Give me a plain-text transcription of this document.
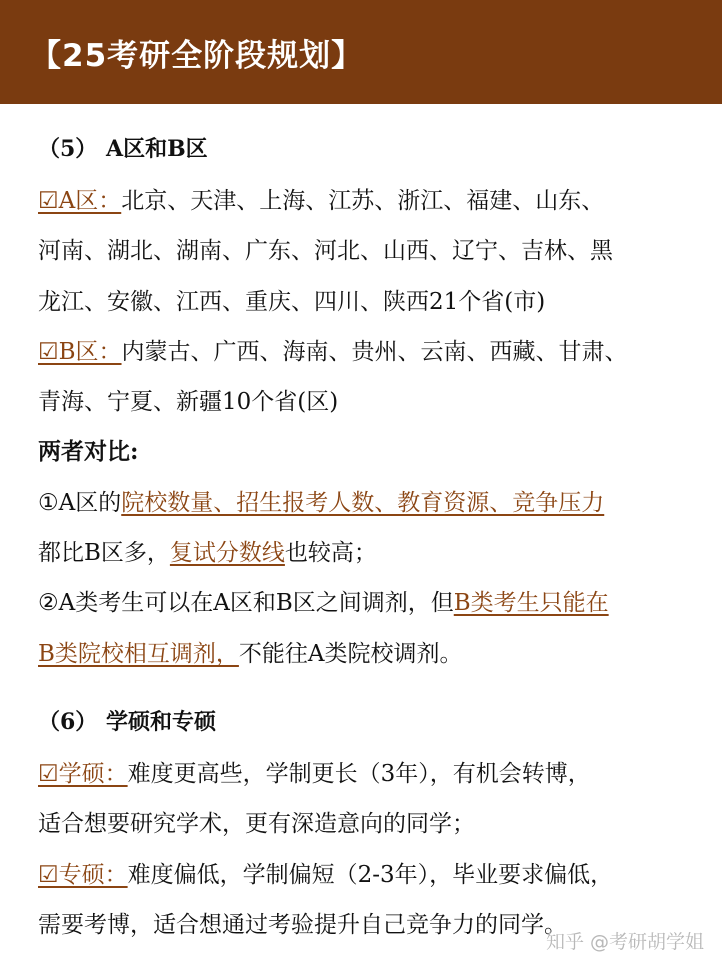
【25考研全阶段规划】
（5） A区和B区
☑A区：北京、天津、上海、江苏、浙江、福建、山东、
河南、湖北、湖南、广东、河北、山西、辽宁、吉林、黑
龙江、安徽、江西、重庆、四川、陕西21个省(市)
☑B区：内蒙古、广西、海南、贵州、云南、西藏、甘肃、
青海、宁夏、新疆10个省(区)
两者对比:
①A区的院校数量、招生报考人数、教育资源、竞争压力
都比B区多，复试分数线也较高；
②A类考生可以在A区和B区之间调剂，但B类考生只能在
B类院校相互调剂，不能往A类院校调剂。
（6） 学硕和专硕
☑学硕：难度更高些，学制更长（3年），有机会转博，
适合想要研究学术，更有深造意向的同学；
☑专硕：难度偏低，学制偏短（2-3年），毕业要求偏低，
需要考博，适合想通过考验提升自己竞争力的同学。
知乎 @考研胡学姐
